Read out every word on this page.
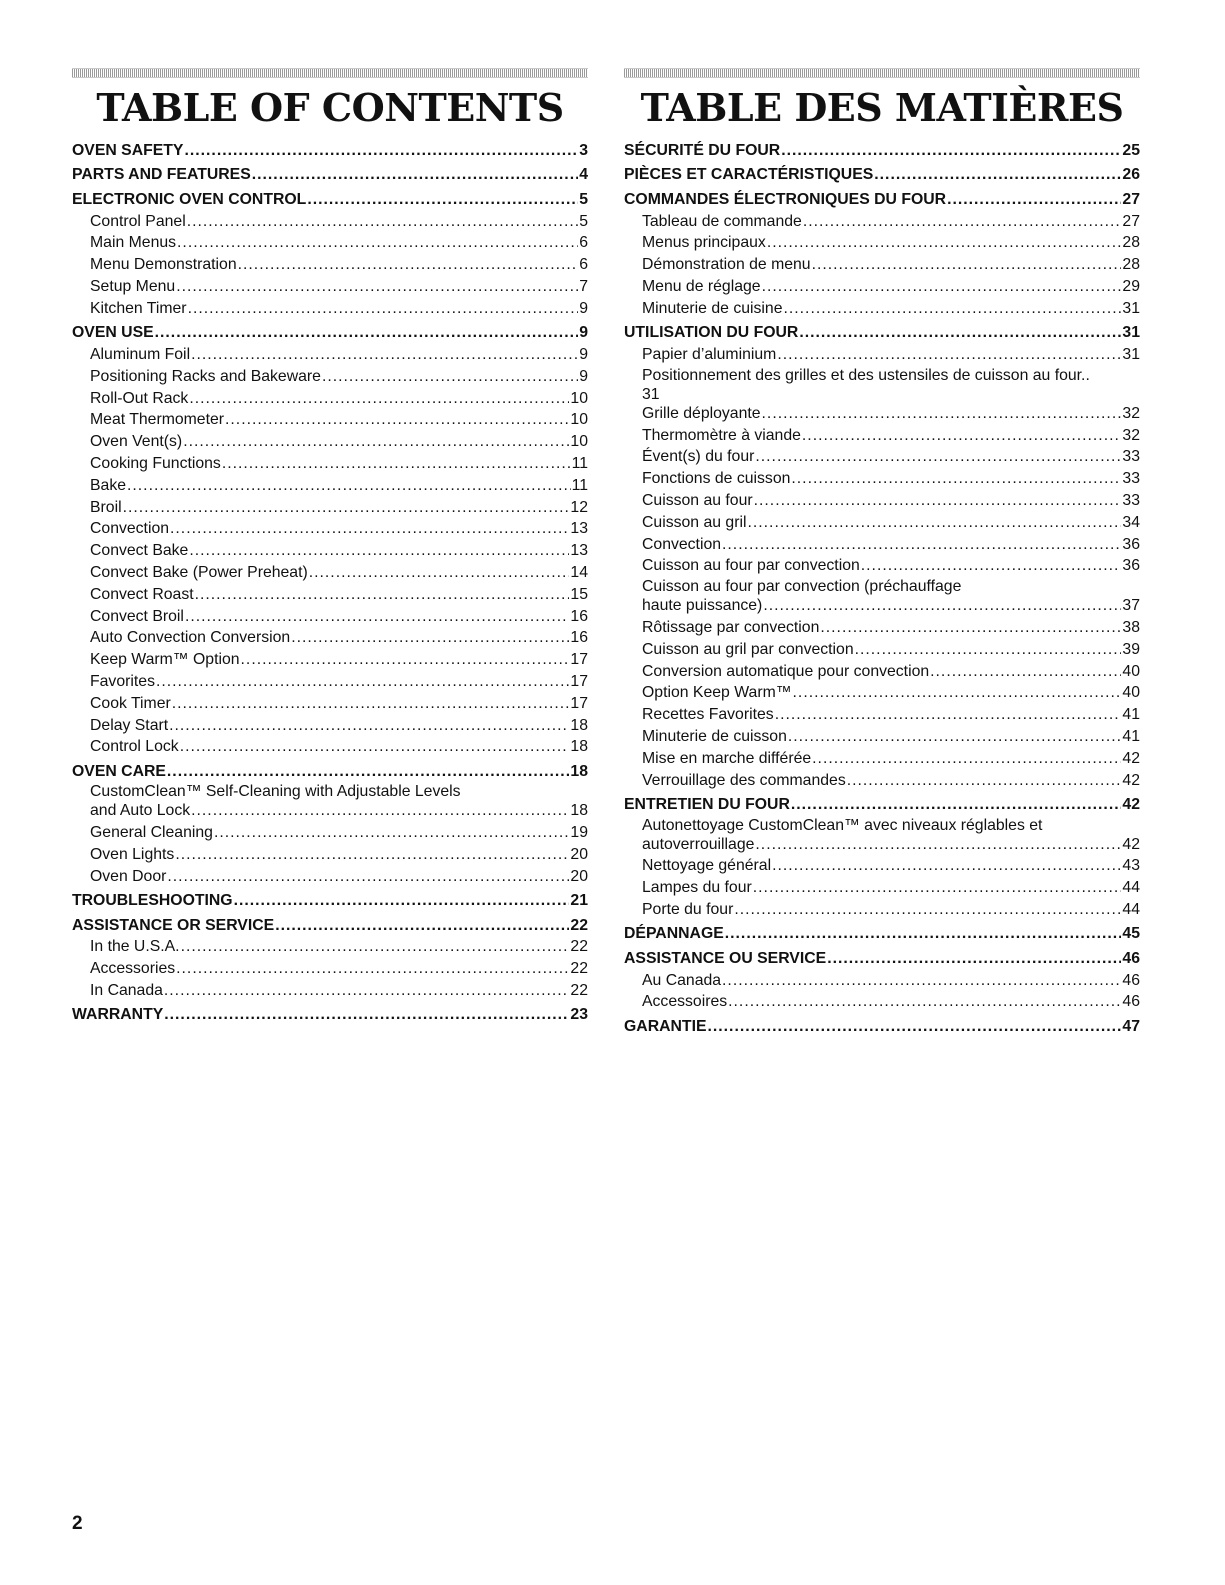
TABLE OF CONTENTS
OVEN SAFETY .....	3
PARTS AND FEATURES .....	4
ELECTRONIC OVEN CONTROL .....	5
Control Panel .....	5
Main Menus .....	6
Menu Demonstration .....	6
Setup Menu .....	7
Kitchen Timer .....	9
OVEN USE .....	9
Aluminum Foil .....	9
Positioning Racks and Bakeware .....	9
Roll-Out Rack .....	10
Meat Thermometer .....	10
Oven Vent(s) .....	10
Cooking Functions .....	11
Bake .....	11
Broil .....	12
Convection .....	13
Convect Bake .....	13
Convect Bake (Power Preheat) .....	14
Convect Roast .....	15
Convect Broil .....	16
Auto Convection Conversion .....	16
Keep Warm™ Option .....	17
Favorites .....	17
Cook Timer .....	17
Delay Start .....	18
Control Lock .....	18
OVEN CARE .....	18
CustomClean™ Self-Cleaning with Adjustable Levels
and Auto Lock .....	18
General Cleaning .....	19
Oven Lights .....	20
Oven Door .....	20
TROUBLESHOOTING .....	21
ASSISTANCE OR SERVICE .....	22
In the U.S.A. .....	22
Accessories .....	22
In Canada .....	22
WARRANTY .....	23
TABLE DES MATIÈRES
SÉCURITÉ DU FOUR .....	25
PIÈCES ET CARACTÉRISTIQUES .....	26
COMMANDES ÉLECTRONIQUES DU FOUR .....	27
Tableau de commande .....	27
Menus principaux .....	28
Démonstration de menu .....	28
Menu de réglage .....	29
Minuterie de cuisine .....	31
UTILISATION DU FOUR .....	31
Papier d’aluminium .....	31
Positionnement des grilles et des ustensiles de cuisson au four..
31
Grille déployante .....	32
Thermomètre à viande .....	32
Évent(s) du four .....	33
Fonctions de cuisson .....	33
Cuisson au four .....	33
Cuisson au gril .....	34
Convection .....	36
Cuisson au four par convection .....	36
Cuisson au four par convection (préchauffage
haute puissance) .....	37
Rôtissage par convection .....	38
Cuisson au gril par convection .....	39
Conversion automatique pour convection .....	40
Option Keep Warm™ .....	40
Recettes Favorites .....	41
Minuterie de cuisson .....	41
Mise en marche différée .....	42
Verrouillage des commandes .....	42
ENTRETIEN DU FOUR .....	42
Autonettoyage CustomClean™ avec niveaux réglables et
autoverrouillage .....	42
Nettoyage général .....	43
Lampes du four .....	44
Porte du four .....	44
DÉPANNAGE .....	45
ASSISTANCE OU SERVICE .....	46
Au Canada .....	46
Accessoires .....	46
GARANTIE .....	47
2
